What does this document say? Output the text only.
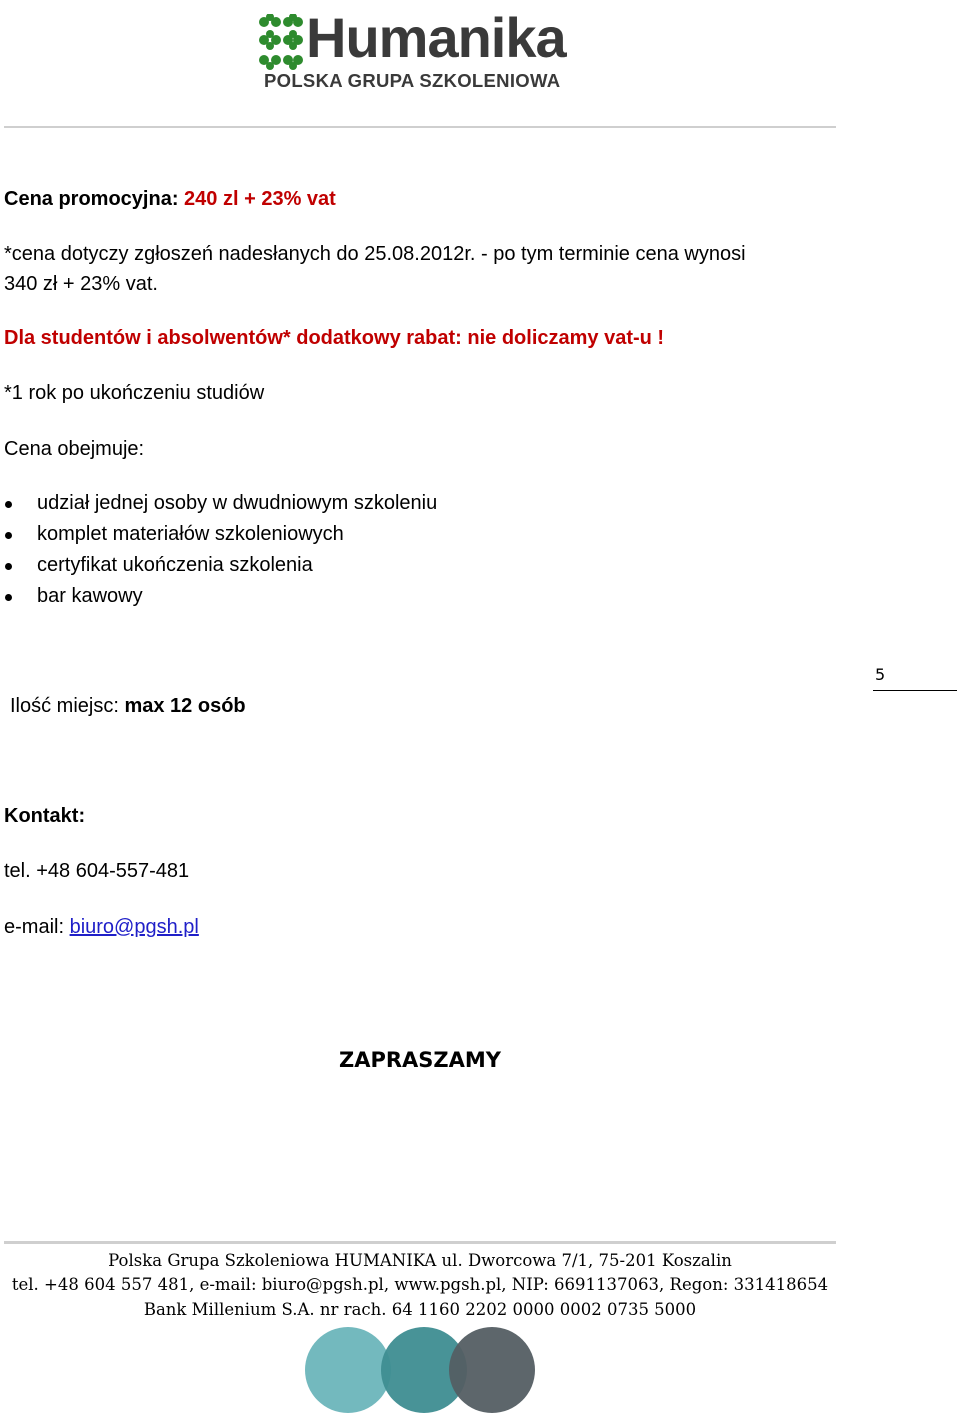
Humanika
POLSKA GRUPA SZKOLENIOWA
Cena promocyjna: 240 zl + 23% vat
*cena dotyczy zgłoszeń nadesłanych do 25.08.2012r. - po tym terminie cena wynosi
340 zł + 23% vat.
Dla studentów i absolwentów* dodatkowy rabat: nie doliczamy vat-u !
*1 rok po ukończeniu studiów
Cena obejmuje:
udział jednej osoby w dwudniowym szkoleniu
komplet materiałów szkoleniowych
certyfikat ukończenia szkolenia
bar kawowy
Ilość miejsc: max 12 osób
5
Kontakt:
tel. +48 604-557-481
e-mail: biuro@pgsh.pl
ZAPRASZAMY
Polska Grupa Szkoleniowa HUMANIKA ul. Dworcowa 7/1, 75-201 Koszalin
tel. +48 604 557 481, e-mail: biuro@pgsh.pl, www.pgsh.pl, NIP: 6691137063, Regon: 331418654
Bank Millenium S.A. nr rach. 64 1160 2202 0000 0002 0735 5000
